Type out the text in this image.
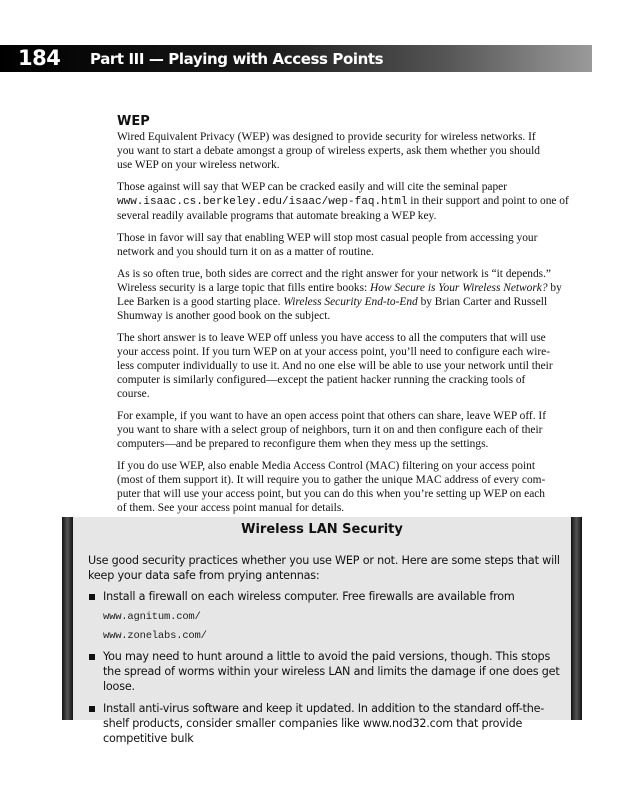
184 Part III — Playing with Access Points
WEP

Wired Equivalent Privacy (WEP) was designed to provide security for wireless networks. If
you want to start a debate amongst a group of wireless experts, ask them whether you should
use WEP on your wireless network.

Those against will say that WEP can be cracked easily and will cite the seminal paper
www.isaac.cs.berkeley.edu/isaac/wep-faq.html in their support and point to one of
several readily available programs that automate breaking a WEP key.

Those in favor will say that enabling WEP will stop most casual people from accessing your
network and you should turn it on as a matter of routine.

As is so often true, both sides are correct and the right answer for your network is “it depends.”
Wireless security is a large topic that fills entire books: How Secure is Your Wireless Network? by
Lee Barken is a good starting place. Wireless Security End-to-End by Brian Carter and Russell
Shumway is another good book on the subject.

The short answer is to leave WEP off unless you have access to all the computers that will use
your access point. If you turn WEP on at your access point, you’ll need to configure each wire-
less computer individually to use it. And no one else will be able to use your network until their
computer is similarly configured—except the patient hacker running the cracking tools of
course.

For example, if you want to have an open access point that others can share, leave WEP off. If
you want to share with a select group of neighbors, turn it on and then configure each of their
computers—and be prepared to reconfigure them when they mess up the settings.

If you do use WEP, also enable Media Access Control (MAC) filtering on your access point
(most of them support it). It will require you to gather the unique MAC address of every com-
puter that will use your access point, but you can do this when you’re setting up WEP on each
of them. See your access point manual for details.

Wireless LAN Security

Use good security practices whether you use WEP or not. Here are some steps that will keep your data safe from prying antennas:

Install a firewall on each wireless computer. Free firewalls are available from
www.agnitum.com/
www.zonelabs.com/
You may need to hunt around a little to avoid the paid versions, though. This stops the spread of worms within your wireless LAN and limits the damage if one does get loose.
Install anti-virus software and keep it updated. In addition to the standard off-the-shelf products, consider smaller companies like www.nod32.com that provide competitive bulk
